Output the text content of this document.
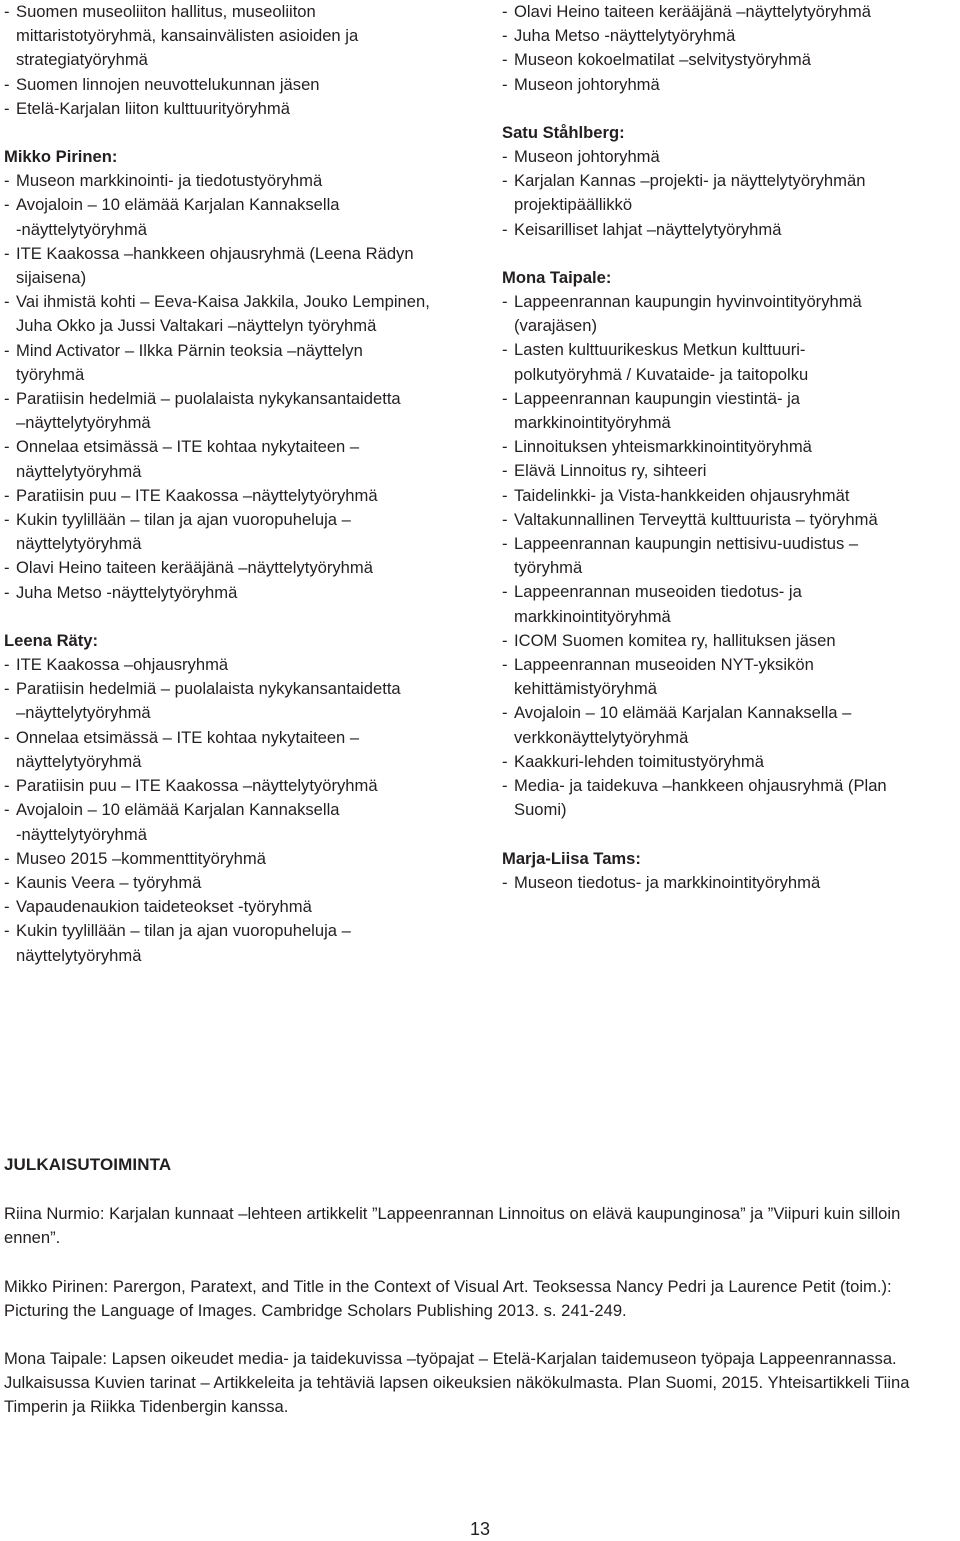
- Suomen museoliiton hallitus, museoliiton
mittaristotyöryhmä, kansainvälisten asioiden ja
strategiatyöryhmä
- Suomen linnojen neuvottelukunnan jäsen
- Etelä-Karjalan liiton kulttuurityöryhmä

Mikko Pirinen:

- Museon markkinointi- ja tiedotustyöryhmä
- Avojaloin – 10 elämää Karjalan Kannaksella
-näyttelytyöryhmä
- ITE Kaakossa –hankkeen ohjausryhmä (Leena Rädyn
sijaisena)
- Vai ihmistä kohti – Eeva-Kaisa Jakkila, Jouko Lempinen,
Juha Okko ja Jussi Valtakari –näyttelyn työryhmä
- Mind Activator – Ilkka Pärnin teoksia –näyttelyn
työryhmä
- Paratiisin hedelmiä – puolalaista nykykansantaidetta
–näyttelytyöryhmä
- Onnelaa etsimässä – ITE kohtaa nykytaiteen –
näyttelytyöryhmä
- Paratiisin puu – ITE Kaakossa –näyttelytyöryhmä
- Kukin tyylillään – tilan ja ajan vuoropuheluja –
näyttelytyöryhmä
- Olavi Heino taiteen kerääjänä –näyttelytyöryhmä
- Juha Metso -näyttelytyöryhmä

Leena Räty:

- ITE Kaakossa –ohjausryhmä
- Paratiisin hedelmiä – puolalaista nykykansantaidetta
–näyttelytyöryhmä
- Onnelaa etsimässä – ITE kohtaa nykytaiteen –
näyttelytyöryhmä
- Paratiisin puu – ITE Kaakossa –näyttelytyöryhmä
- Avojaloin – 10 elämää Karjalan Kannaksella
-näyttelytyöryhmä
- Museo 2015 –kommenttityöryhmä
- Kaunis Veera – työryhmä
- Vapaudenaukion taideteokset -työryhmä
- Kukin tyylillään – tilan ja ajan vuoropuheluja –
näyttelytyöryhmä
- Olavi Heino taiteen kerääjänä –näyttelytyöryhmä
- Juha Metso -näyttelytyöryhmä
- Museon kokoelmatilat –selvitystyöryhmä
- Museon johtoryhmä

Satu Ståhlberg:

- Museon johtoryhmä
- Karjalan Kannas –projekti- ja näyttelytyöryhmän
projektipäällikkö
- Keisarilliset lahjat –näyttelytyöryhmä

Mona Taipale:

- Lappeenrannan kaupungin hyvinvointityöryhmä
(varajäsen)
- Lasten kulttuurikeskus Metkun kulttuuri-
polkutyöryhmä / Kuvataide- ja taitopolku
- Lappeenrannan kaupungin viestintä- ja
markkinointityöryhmä
- Linnoituksen yhteismarkkinointityöryhmä
- Elävä Linnoitus ry, sihteeri
- Taidelinkki- ja Vista-hankkeiden ohjausryhmät
- Valtakunnallinen Terveyttä kulttuurista – työryhmä
- Lappeenrannan kaupungin nettisivu-uudistus –
työryhmä
- Lappeenrannan museoiden tiedotus- ja
markkinointityöryhmä
- ICOM Suomen komitea ry, hallituksen jäsen
- Lappeenrannan museoiden NYT-yksikön
kehittämistyöryhmä
- Avojaloin – 10 elämää Karjalan Kannaksella –
verkkonäyttelytyöryhmä
- Kaakkuri-lehden toimitustyöryhmä
- Media- ja taidekuva –hankkeen ohjausryhmä (Plan
Suomi)

Marja-Liisa Tams:

- Museon tiedotus- ja markkinointityöryhmä

JULKAISUTOIMINTA

Riina Nurmio: Karjalan kunnaat –lehteen artikkelit ”Lappeenrannan Linnoitus on elävä kaupunginosa” ja ”Viipuri kuin silloin ennen”.

Mikko Pirinen: Parergon, Paratext, and Title in the Context of Visual Art. Teoksessa Nancy Pedri ja Laurence Petit (toim.): Picturing the Language of Images. Cambridge Scholars Publishing 2013. s. 241-249.

Mona Taipale: Lapsen oikeudet media- ja taidekuvissa –työpajat – Etelä-Karjalan taidemuseon työpaja Lappeenrannassa. Julkaisussa Kuvien tarinat – Artikkeleita ja tehtäviä lapsen oikeuksien näkökulmasta. Plan Suomi, 2015. Yhteisartikkeli Tiina Timperin ja Riikka Tidenbergin kanssa.

13
